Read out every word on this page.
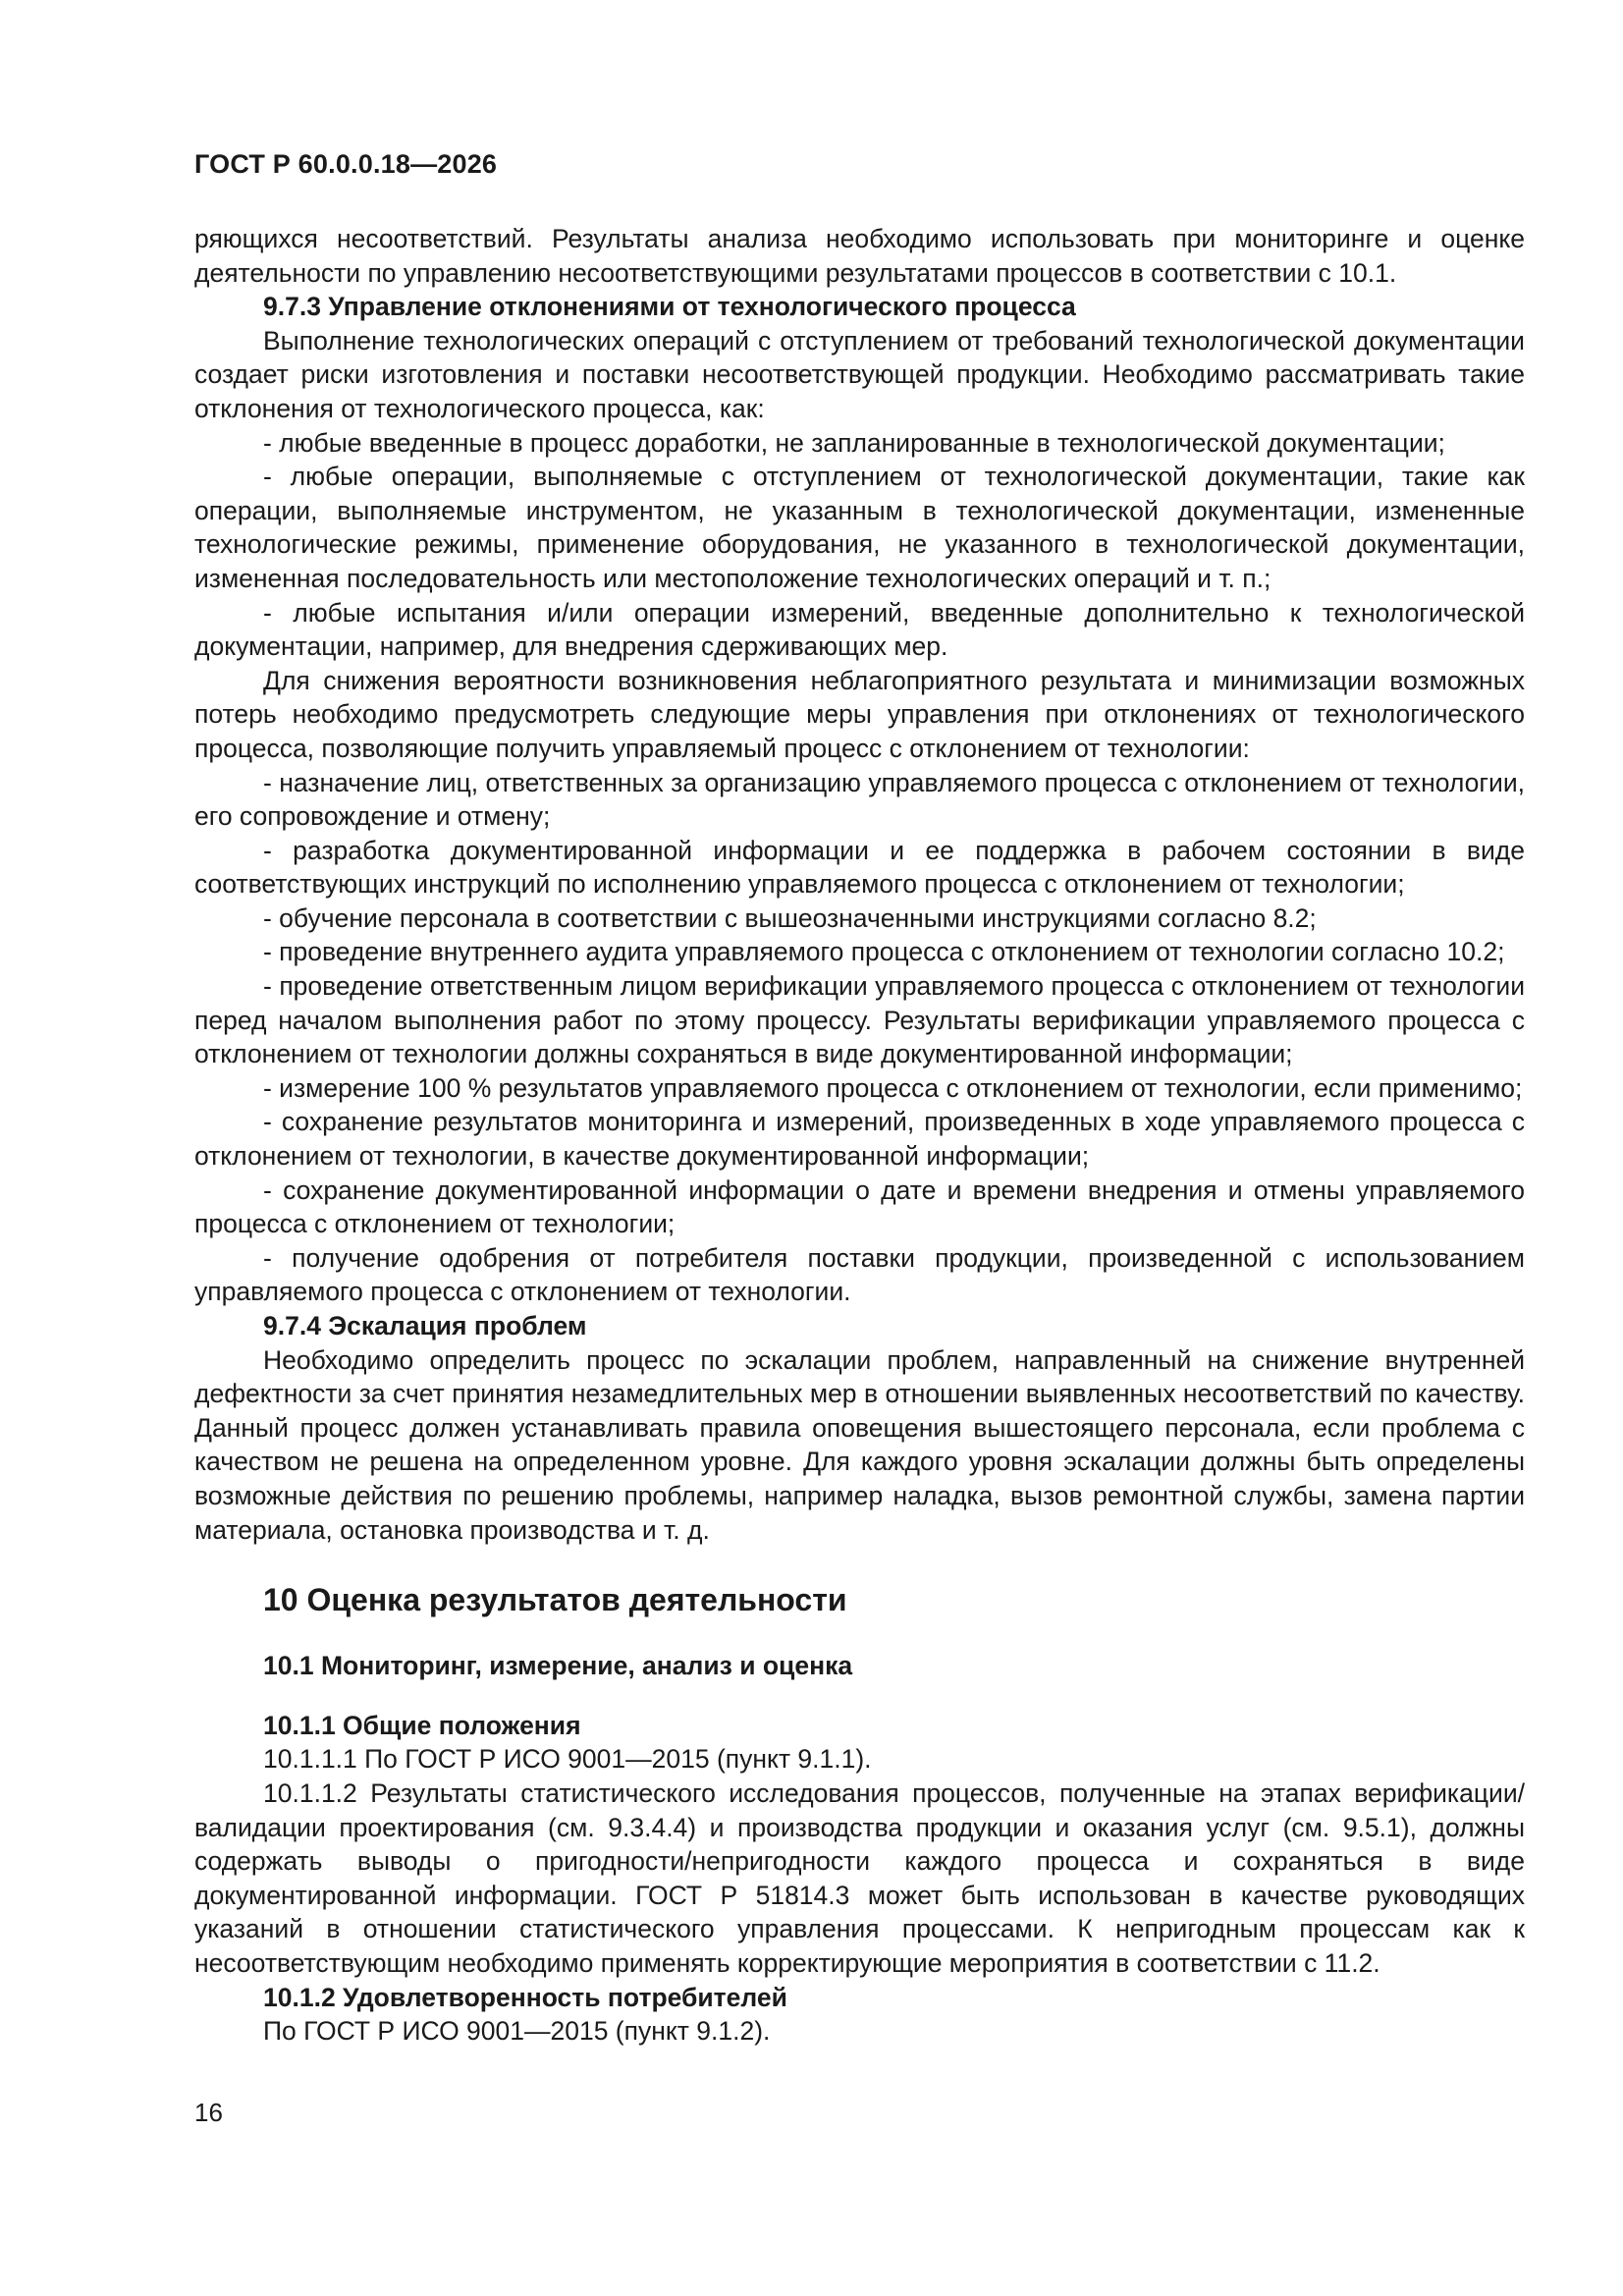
ГОСТ Р 60.0.0.18—2026

ряющихся несоответствий. Результаты анализа необходимо использовать при мониторинге и оценке деятельности по управлению несоответствующими результатами процессов в соответствии с 10.1.

9.7.3 Управление отклонениями от технологического процесса

Выполнение технологических операций с отступлением от требований технологической документации создает риски изготовления и поставки несоответствующей продукции. Необходимо рассматривать такие отклонения от технологического процесса, как:

- любые введенные в процесс доработки, не запланированные в технологической документации;

- любые операции, выполняемые с отступлением от технологической документации, такие как операции, выполняемые инструментом, не указанным в технологической документации, измененные технологические режимы, применение оборудования, не указанного в технологической документации, измененная последовательность или местоположение технологических операций и т. п.;

- любые испытания и/или операции измерений, введенные дополнительно к технологической документации, например, для внедрения сдерживающих мер.

Для снижения вероятности возникновения неблагоприятного результата и минимизации возможных потерь необходимо предусмотреть следующие меры управления при отклонениях от технологического процесса, позволяющие получить управляемый процесс с отклонением от технологии:

- назначение лиц, ответственных за организацию управляемого процесса с отклонением от технологии, его сопровождение и отмену;

- разработка документированной информации и ее поддержка в рабочем состоянии в виде соответствующих инструкций по исполнению управляемого процесса с отклонением от технологии;

- обучение персонала в соответствии с вышеозначенными инструкциями согласно 8.2;

- проведение внутреннего аудита управляемого процесса с отклонением от технологии согласно 10.2;

- проведение ответственным лицом верификации управляемого процесса с отклонением от технологии перед началом выполнения работ по этому процессу. Результаты верификации управляемого процесса с отклонением от технологии должны сохраняться в виде документированной информации;

- измерение 100 % результатов управляемого процесса с отклонением от технологии, если применимо;

- сохранение результатов мониторинга и измерений, произведенных в ходе управляемого процесса с отклонением от технологии, в качестве документированной информации;

- сохранение документированной информации о дате и времени внедрения и отмены управляемого процесса с отклонением от технологии;

- получение одобрения от потребителя поставки продукции, произведенной с использованием управляемого процесса с отклонением от технологии.

9.7.4 Эскалация проблем

Необходимо определить процесс по эскалации проблем, направленный на снижение внутренней дефектности за счет принятия незамедлительных мер в отношении выявленных несоответствий по качеству. Данный процесс должен устанавливать правила оповещения вышестоящего персонала, если проблема с качеством не решена на определенном уровне. Для каждого уровня эскалации должны быть определены возможные действия по решению проблемы, например наладка, вызов ремонтной службы, замена партии материала, остановка производства и т. д.

10 Оценка результатов деятельности
10.1 Мониторинг, измерение, анализ и оценка
10.1.1 Общие положения

10.1.1.1 По ГОСТ Р ИСО 9001—2015 (пункт 9.1.1).

10.1.1.2 Результаты статистического исследования процессов, полученные на этапах верификации/валидации проектирования (см. 9.3.4.4) и производства продукции и оказания услуг (см. 9.5.1), должны содержать выводы о пригодности/непригодности каждого процесса и сохраняться в виде документированной информации. ГОСТ Р 51814.3 может быть использован в качестве руководящих указаний в отношении статистического управления процессами. К непригодным процессам как к несоответствующим необходимо применять корректирующие мероприятия в соответствии с 11.2.

10.1.2 Удовлетворенность потребителей

По ГОСТ Р ИСО 9001—2015 (пункт 9.1.2).

16
